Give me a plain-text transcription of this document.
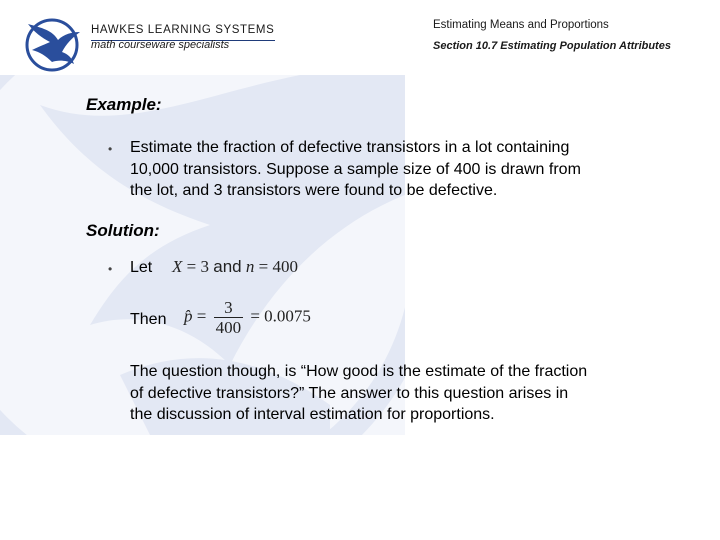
HAWKES LEARNING SYSTEMS
math courseware specialists
Estimating Means and Proportions
Section 10.7 Estimating Population Attributes
Example:
• Estimate the fraction of defective transistors in a lot containing
10,000 transistors. Suppose a sample size of 400 is drawn from
the lot, and 3 transistors were found to be defective.
Solution:
• Let X = 3 and n = 400
Then p̂ = $\frac{3}{400} = 0.0075$
The question though, is “How good is the estimate of the fraction
of defective transistors?” The answer to this question arises in
the discussion of interval estimation for proportions.
